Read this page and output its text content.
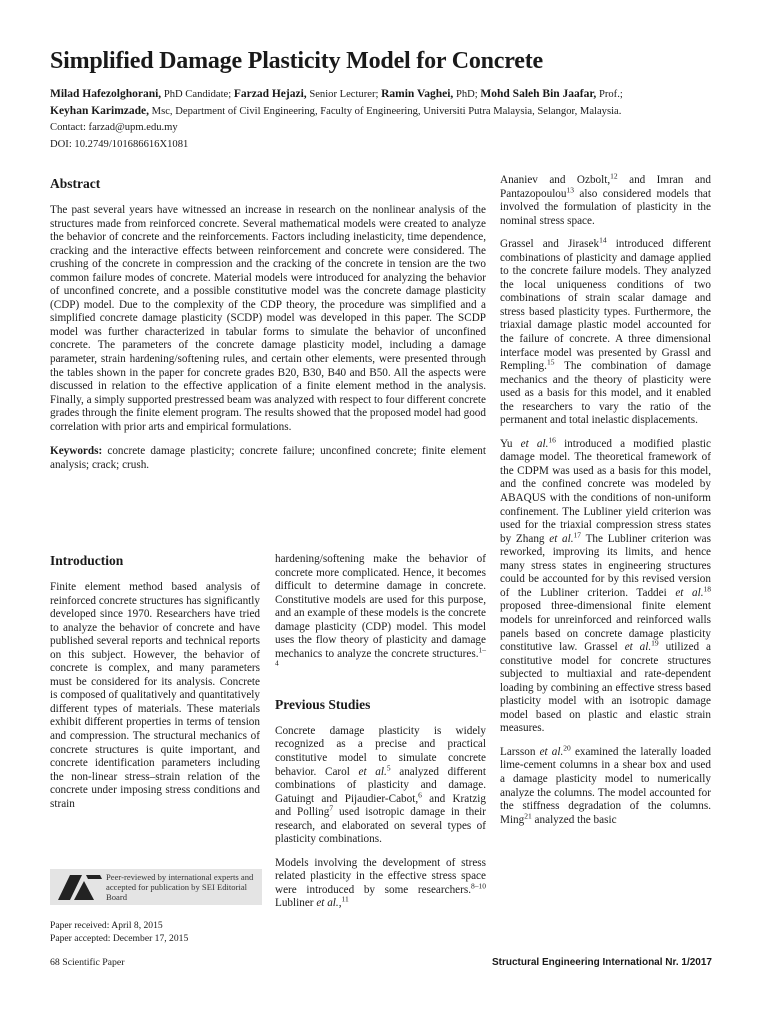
Simplified Damage Plasticity Model for Concrete
Milad Hafezolghorani, PhD Candidate; Farzad Hejazi, Senior Lecturer; Ramin Vaghei, PhD; Mohd Saleh Bin Jaafar, Prof.;
Keyhan Karimzade, Msc, Department of Civil Engineering, Faculty of Engineering, Universiti Putra Malaysia, Selangor, Malaysia.
Contact: farzad@upm.edu.my
DOI: 10.2749/101686616X1081
Abstract

The past several years have witnessed an increase in research on the nonlinear analysis of the structures made from reinforced concrete. Several mathematical models were created to analyze the behavior of concrete and the reinforcements. Factors including inelasticity, time dependence, cracking and the interactive effects between reinforcement and concrete were considered. The crushing of the concrete in compression and the cracking of the concrete in tension are the two common failure modes of concrete. Material models were introduced for analyzing the behavior of unconfined concrete, and a possible constitutive model was the concrete damage plasticity (CDP) model. Due to the complexity of the CDP theory, the procedure was simplified and a simplified concrete damage plasticity (SCDP) model was developed in this paper. The SCDP model was further characterized in tabular forms to simulate the behavior of unconfined concrete. The parameters of the concrete damage plasticity model, including a damage parameter, strain hardening/softening rules, and certain other elements, were presented through the tables shown in the paper for concrete grades B20, B30, B40 and B50. All the aspects were discussed in relation to the effective application of a finite element method in the analysis. Finally, a simply supported prestressed beam was analyzed with respect to four different concrete grades through the finite element program. The results showed that the proposed model had good correlation with prior arts and empirical formulations.

Keywords: concrete damage plasticity; concrete failure; unconfined concrete; finite element analysis; crack; crush.

Introduction

Finite element method based analysis of reinforced concrete structures has significantly developed since 1970. Researchers have tried to analyze the behavior of concrete and have published several reports and technical reports on this subject. However, the behavior of concrete is complex, and many parameters must be considered for its analysis. Concrete is composed of qualitatively and quantitatively different types of materials. These materials exhibit different properties in terms of tension and compression. The structural mechanics of concrete structures is quite important, and concrete identification parameters including the non-linear stress–strain relation of the concrete under imposing stress conditions and strain

hardening/softening make the behavior of concrete more complicated. Hence, it becomes difficult to determine damage in concrete. Constitutive models are used for this purpose, and an example of these models is the concrete damage plasticity (CDP) model. This model uses the flow theory of plasticity and damage mechanics to analyze the concrete structures.$^{1-4}$

Previous Studies

Concrete damage plasticity is widely recognized as a precise and practical constitutive model to simulate concrete behavior. Carol et al.$^5$ analyzed different combinations of plasticity and damage. Gatuingt and Pijaudier-Cabot,$^6$ and Kratzig and Polling$^7$ used isotropic damage in their research, and elaborated on several types of plasticity combinations.

Models involving the development of stress related plasticity in the effective stress space were introduced by some researchers.$^{8-10}$ Lubliner et al.,$^{11}$

Ananiev and Ozbolt,$^{12}$ and Imran and Pantazopoulou$^{13}$ also considered models that involved the formulation of plasticity in the nominal stress space.

Grassel and Jirasek$^{14}$ introduced different combinations of plasticity and damage applied to the concrete failure models. They analyzed the local uniqueness conditions of two combinations of strain scalar damage and stress based plasticity types. Furthermore, the triaxial damage plastic model accounted for the failure of concrete. A three dimensional interface model was presented by Grassl and Rempling.$^{15}$ The combination of damage mechanics and the theory of plasticity were used as a basis for this model, and it enabled the researchers to vary the ratio of the permanent and total inelastic displacements.

Yu et al.$^{16}$ introduced a modified plastic damage model. The theoretical framework of the CDPM was used as a basis for this model, and the confined concrete was modeled by ABAQUS with the conditions of non-uniform confinement. The Lubliner yield criterion was used for the triaxial compression stress states by Zhang et al.$^{17}$ The Lubliner criterion was reworked, improving its limits, and hence many stress states in engineering structures could be accounted for by this revised version of the Lubliner criterion. Taddei et al.$^{18}$ proposed three-dimensional finite element models for unreinforced and reinforced walls panels based on concrete damage plasticity constitutive law. Grassel et al.$^{19}$ utilized a constitutive model for concrete structures subjected to multiaxial and rate-dependent loading by combining an effective stress based plasticity model with an isotropic damage model based on plastic and elastic strain measures.

Larsson et al.$^{20}$ examined the laterally loaded lime-cement columns in a shear box and used a damage plasticity model to numerically analyze the columns. The model accounted for the stiffness degradation of the columns. Ming$^{21}$ analyzed the basic

Peer-reviewed by international experts and accepted for publication by SEI Editorial Board
Paper received: April 8, 2015
Paper accepted: December 17, 2015
68 Scientific Paper	Structural Engineering International Nr. 1/2017
